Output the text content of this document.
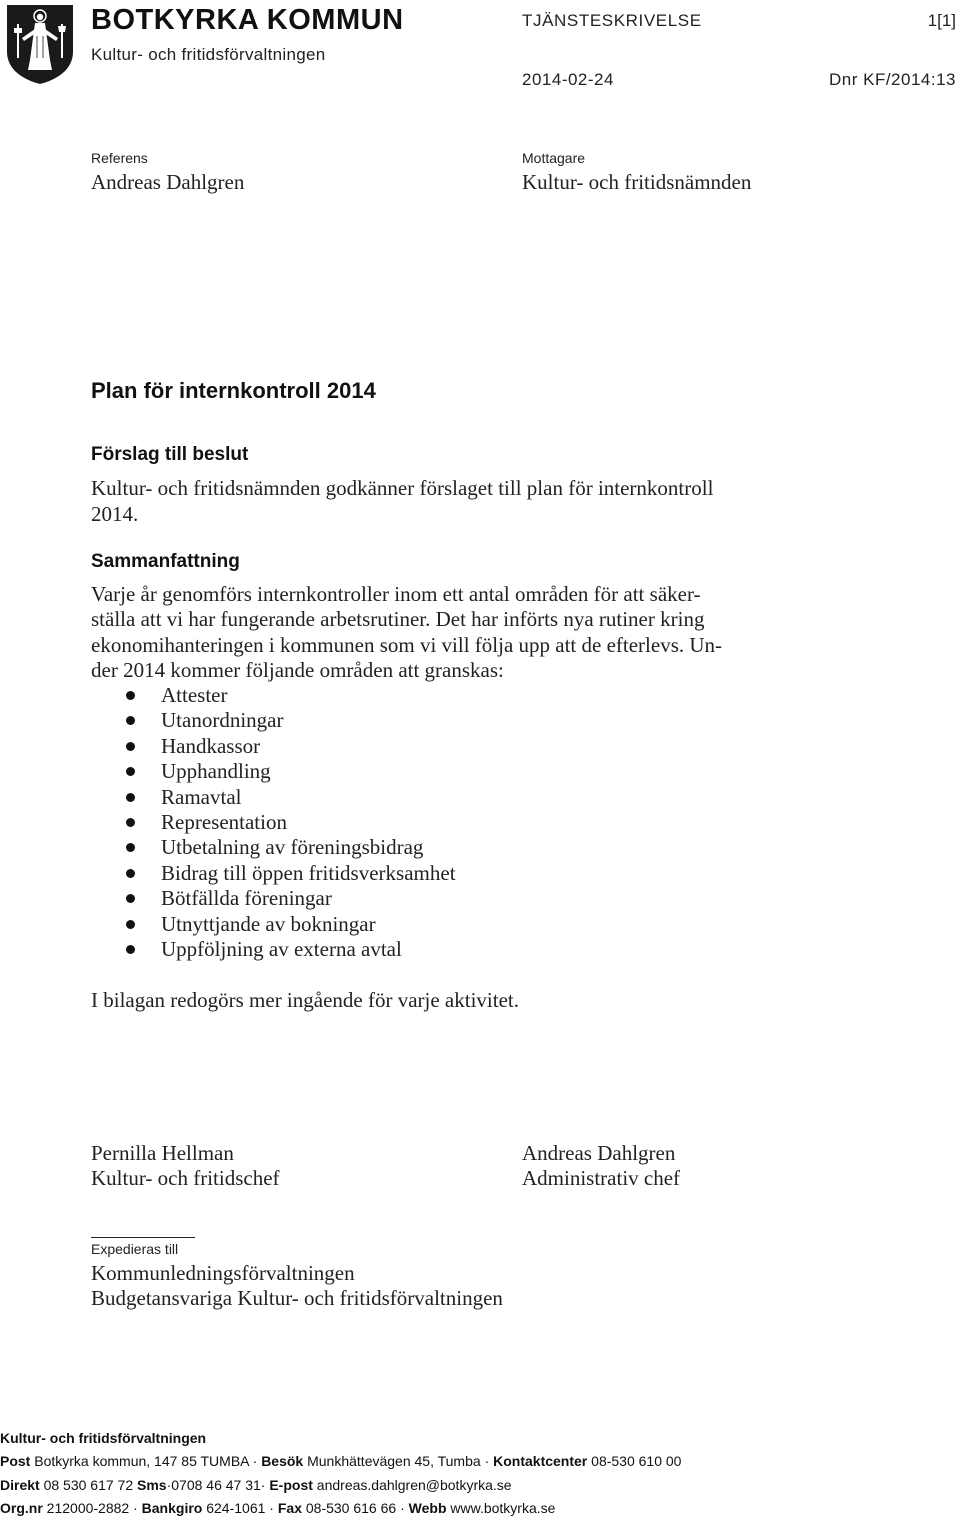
BOTKYRKA KOMMUN
Kultur- och fritidsförvaltningen
TJÄNSTESKRIVELSE	1[1]
2014-02-24	Dnr KF/2014:13
Referens
Andreas Dahlgren
Mottagare
Kultur- och fritidsnämnden
Plan för internkontroll 2014
Förslag till beslut
Kultur- och fritidsnämnden godkänner förslaget till plan för internkontroll
2014.
Sammanfattning
Varje år genomförs internkontroller inom ett antal områden för att säker-
ställa att vi har fungerande arbetsrutiner. Det har införts nya rutiner kring
ekonomihanteringen i kommunen som vi vill följa upp att de efterlevs. Un-
der 2014 kommer följande områden att granskas:
Attester
Utanordningar
Handkassor
Upphandling
Ramavtal
Representation
Utbetalning av föreningsbidrag
Bidrag till öppen fritidsverksamhet
Bötfällda föreningar
Utnyttjande av bokningar
Uppföljning av externa avtal
I bilagan redogörs mer ingående för varje aktivitet.
Pernilla Hellman
Kultur- och fritidschef
Andreas Dahlgren
Administrativ chef
Expedieras till
Kommunledningsförvaltningen
Budgetansvariga Kultur- och fritidsförvaltningen
Kultur- och fritidsförvaltningen
Post Botkyrka kommun, 147 85 TUMBA · Besök Munkhättevägen 45, Tumba · Kontaktcenter 08-530 610 00
Direkt 08 530 617 72 Sms·0708 46 47 31· E-post andreas.dahlgren@botkyrka.se
Org.nr 212000-2882 · Bankgiro 624-1061 · Fax 08-530 616 66 · Webb www.botkyrka.se
